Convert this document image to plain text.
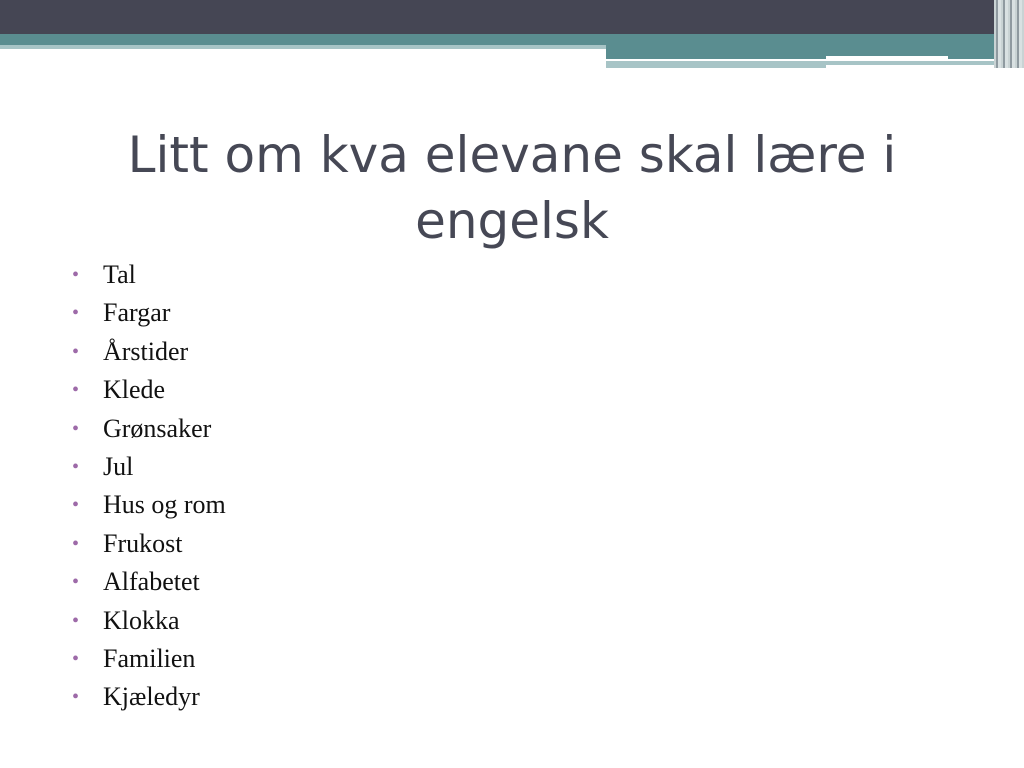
Litt om kva elevane skal lære i engelsk
• Tal
• Fargar
• Årstider
• Klede
• Grønsaker
• Jul
• Hus og rom
• Frukost
• Alfabetet
• Klokka
• Familien
• Kjæledyr
